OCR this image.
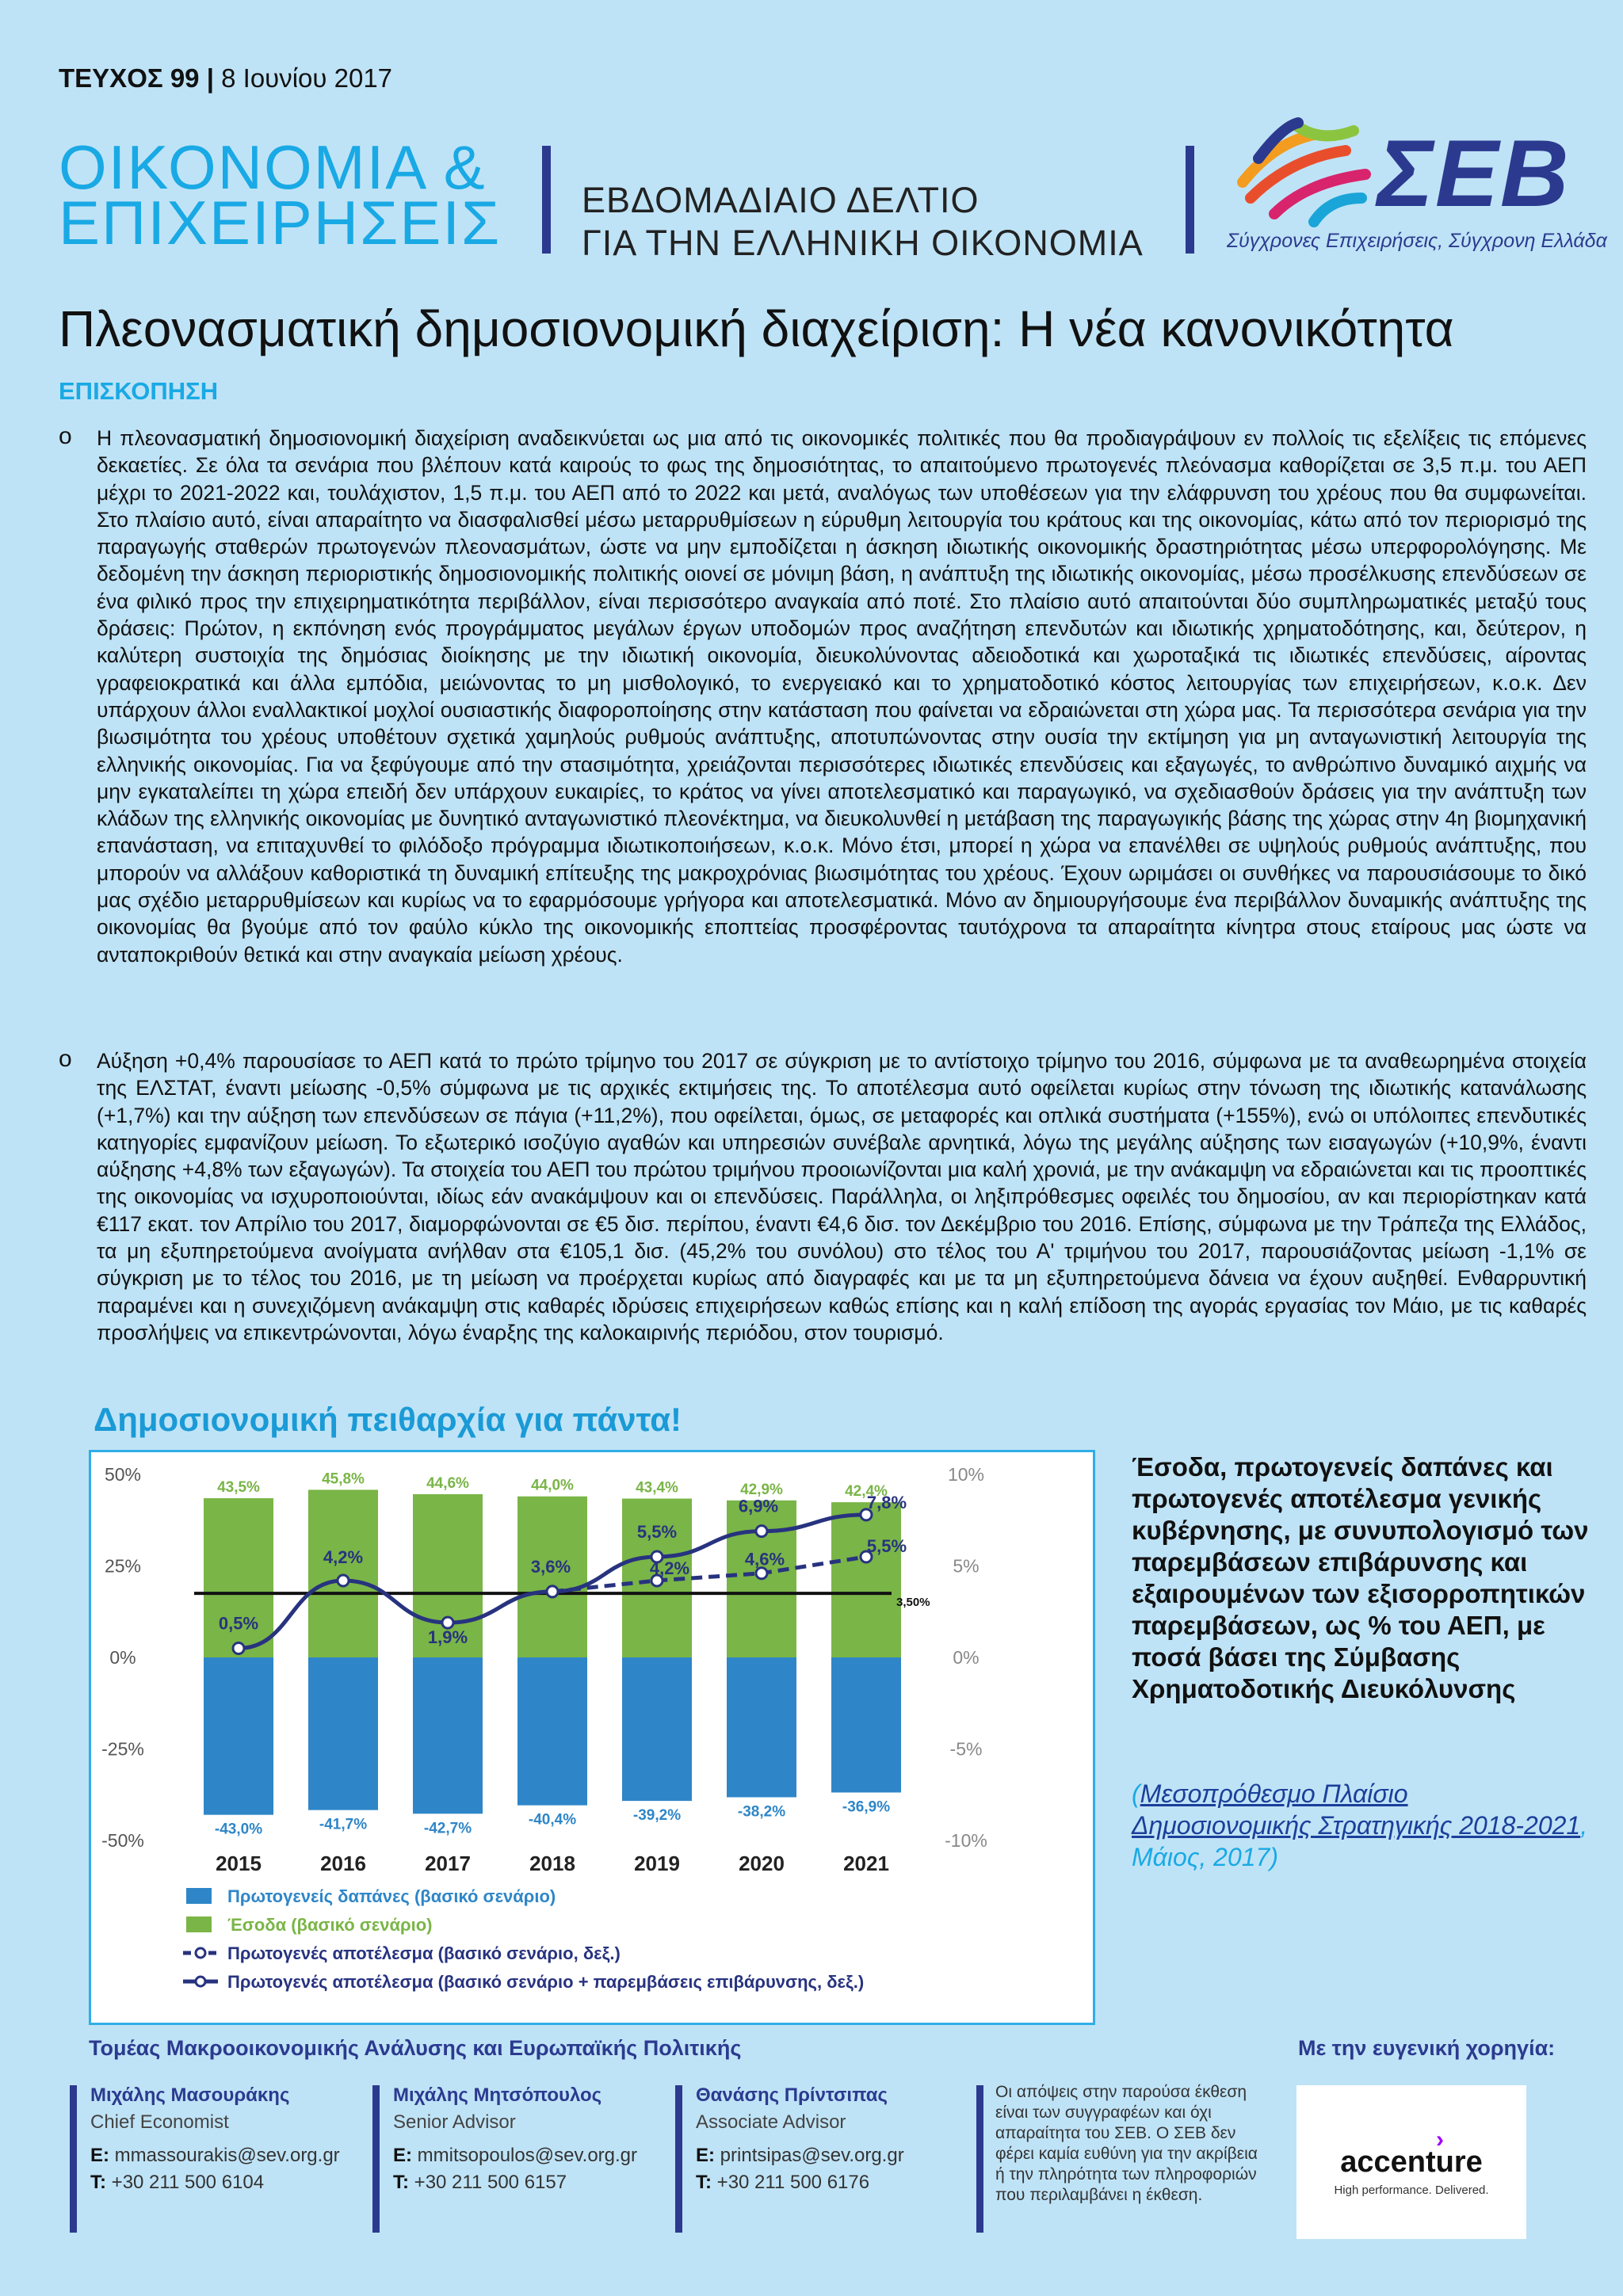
ΤΕΥΧΟΣ 99 | 8 Ιουνίου 2017
ΟΙΚΟΝΟΜΙΑ &
ΕΠΙΧΕΙΡΗΣΕΙΣ ΕΒΔΟΜΑΔΙΑΙΟ ΔΕΛΤΙΟ
ΓΙΑ ΤΗΝ ΕΛΛΗΝΙΚΗ ΟΙΚΟΝΟΜΙΑ
ΣΕΒ
Σύγχρονες Επιχειρήσεις, Σύγχρονη Ελλάδα
Πλεονασματική δημοσιονομική διαχείριση: Η νέα κανονικότητα
ΕΠΙΣΚΟΠΗΣΗ
o Η πλεονασματική δημοσιονομική διαχείριση αναδεικνύεται ως μια από τις οικονομικές πολιτικές που θα προδιαγράψουν εν πολλοίς τις εξελίξεις τις επόμενες δεκαετίες. Σε όλα τα σενάρια που βλέπουν κατά καιρούς το φως της δημοσιότητας, το απαιτούμενο πρωτογενές πλεόνασμα καθορίζεται σε 3,5 π.μ. του ΑΕΠ μέχρι το 2021-2022 και, τουλάχιστον, 1,5 π.μ. του ΑΕΠ από το 2022 και μετά, αναλόγως των υποθέσεων για την ελάφρυνση του χρέους που θα συμφωνείται. Στο πλαίσιο αυτό, είναι απαραίτητο να διασφαλισθεί μέσω μεταρρυθμίσεων η εύρυθμη λειτουργία του κράτους και της οικονομίας, κάτω από τον περιορισμό της παραγωγής σταθερών πρωτογενών πλεονασμάτων, ώστε να μην εμποδίζεται η άσκηση ιδιωτικής οικονομικής δραστηριότητας μέσω υπερφορολόγησης. Με δεδομένη την άσκηση περιοριστικής δημοσιονομικής πολιτικής οιονεί σε μόνιμη βάση, η ανάπτυξη της ιδιωτικής οικονομίας, μέσω προσέλκυσης επενδύσεων σε ένα φιλικό προς την επιχειρηματικότητα περιβάλλον, είναι περισσότερο αναγκαία από ποτέ. Στο πλαίσιο αυτό απαιτούνται δύο συμπληρωματικές μεταξύ τους δράσεις: Πρώτον, η εκπόνηση ενός προγράμματος μεγάλων έργων υποδομών προς αναζήτηση επενδυτών και ιδιωτικής χρηματοδότησης, και, δεύτερον, η καλύτερη συστοιχία της δημόσιας διοίκησης με την ιδιωτική οικονομία, διευκολύνοντας αδειοδοτικά και χωροταξικά τις ιδιωτικές επενδύσεις, αίροντας γραφειοκρατικά και άλλα εμπόδια, μειώνοντας το μη μισθολογικό, το ενεργειακό και το χρηματοδοτικό κόστος λειτουργίας των επιχειρήσεων, κ.ο.κ. Δεν υπάρχουν άλλοι εναλλακτικοί μοχλοί ουσιαστικής διαφοροποίησης στην κατάσταση που φαίνεται να εδραιώνεται στη χώρα μας. Τα περισσότερα σενάρια για την βιωσιμότητα του χρέους υποθέτουν σχετικά χαμηλούς ρυθμούς ανάπτυξης, αποτυπώνοντας στην ουσία την εκτίμηση για μη ανταγωνιστική λειτουργία της ελληνικής οικονομίας. Για να ξεφύγουμε από την στασιμότητα, χρειάζονται περισσότερες ιδιωτικές επενδύσεις και εξαγωγές, το ανθρώπινο δυναμικό αιχμής να μην εγκαταλείπει τη χώρα επειδή δεν υπάρχουν ευκαιρίες, το κράτος να γίνει αποτελεσματικό και παραγωγικό, να σχεδιασθούν δράσεις για την ανάπτυξη των κλάδων της ελληνικής οικονομίας με δυνητικό ανταγωνιστικό πλεονέκτημα, να διευκολυνθεί η μετάβαση της παραγωγικής βάσης της χώρας στην 4η βιομηχανική επανάσταση, να επιταχυνθεί το φιλόδοξο πρόγραμμα ιδιωτικοποιήσεων, κ.ο.κ. Μόνο έτσι, μπορεί η χώρα να επανέλθει σε υψηλούς ρυθμούς ανάπτυξης, που μπορούν να αλλάξουν καθοριστικά τη δυναμική επίτευξης της μακροχρόνιας βιωσιμότητας του χρέους. Έχουν ωριμάσει οι συνθήκες να παρουσιάσουμε το δικό μας σχέδιο μεταρρυθμίσεων και κυρίως να το εφαρμόσουμε γρήγορα και αποτελεσματικά. Μόνο αν δημιουργήσουμε ένα περιβάλλον δυναμικής ανάπτυξης της οικονομίας θα βγούμε από τον φαύλο κύκλο της οικονομικής εποπτείας προσφέροντας ταυτόχρονα τα απαραίτητα κίνητρα στους εταίρους μας ώστε να ανταποκριθούν θετικά και στην αναγκαία μείωση χρέους.
o Αύξηση +0,4% παρουσίασε το ΑΕΠ κατά το πρώτο τρίμηνο του 2017 σε σύγκριση με το αντίστοιχο τρίμηνο του 2016, σύμφωνα με τα αναθεωρημένα στοιχεία της ΕΛΣΤΑΤ, έναντι μείωσης -0,5% σύμφωνα με τις αρχικές εκτιμήσεις της. Το αποτέλεσμα αυτό οφείλεται κυρίως στην τόνωση της ιδιωτικής κατανάλωσης (+1,7%) και την αύξηση των επενδύσεων σε πάγια (+11,2%), που οφείλεται, όμως, σε μεταφορές και οπλικά συστήματα (+155%), ενώ οι υπόλοιπες επενδυτικές κατηγορίες εμφανίζουν μείωση. Το εξωτερικό ισοζύγιο αγαθών και υπηρεσιών συνέβαλε αρνητικά, λόγω της μεγάλης αύξησης των εισαγωγών (+10,9%, έναντι αύξησης +4,8% των εξαγωγών). Τα στοιχεία του ΑΕΠ του πρώτου τριμήνου προοιωνίζονται μια καλή χρονιά, με την ανάκαμψη να εδραιώνεται και τις προοπτικές της οικονομίας να ισχυροποιούνται, ιδίως εάν ανακάμψουν και οι επενδύσεις. Παράλληλα, οι ληξιπρόθεσμες οφειλές του δημοσίου, αν και περιορίστηκαν κατά €117 εκατ. τον Απρίλιο του 2017, διαμορφώνονται σε €5 δισ. περίπου, έναντι €4,6 δισ. τον Δεκέμβριο του 2016. Επίσης, σύμφωνα με την Τράπεζα της Ελλάδος, τα μη εξυπηρετούμενα ανοίγματα ανήλθαν στα €105,1 δισ. (45,2% του συνόλου) στο τέλος του Α' τριμήνου του 2017, παρουσιάζοντας μείωση -1,1% σε σύγκριση με το τέλος του 2016, με τη μείωση να προέρχεται κυρίως από διαγραφές και με τα μη εξυπηρετούμενα δάνεια να έχουν αυξηθεί. Ενθαρρυντική παραμένει και η συνεχιζόμενη ανάκαμψη στις καθαρές ιδρύσεις επιχειρήσεων καθώς επίσης και η καλή επίδοση της αγοράς εργασίας τον Μάιο, με τις καθαρές προσλήψεις να επικεντρώνονται, λόγω έναρξης της καλοκαιρινής περιόδου, στον τουρισμό.
Δημοσιονομική πειθαρχία για πάντα!
50%
25%
0%
-25%
-50%
10%
5%
0%
-5%
-10%
43,5%
-43,0%
2015
45,8%
-41,7%
2016
44,6%
-42,7%
2017
44,0%
-40,4%
2018
43,4%
-39,2%
2019
42,9%
-38,2%
2020
42,4%
-36,9%
2021
3,50%
0,5%
4,2%
1,9%
3,6%
5,5%
6,9%	7,8%
4,2%	4,6%
5,5%
Πρωτογενείς δαπάνες (βασικό σενάριο)
Έσοδα (βασικό σενάριο)
Πρωτογενές αποτέλεσμα (βασικό σενάριο, δεξ.)
Πρωτογενές αποτέλεσμα (βασικό σενάριο + παρεμβάσεις επιβάρυνσης, δεξ.)
Έσοδα, πρωτογενείς δαπάνες και πρωτογενές αποτέλεσμα γενικής κυβέρνησης, με συνυπολογισμό των παρεμβάσεων επιβάρυνσης και εξαιρουμένων των εξισορροπητικών παρεμβάσεων, ως % του ΑΕΠ, με ποσά βάσει της Σύμβασης Χρηματοδοτικής Διευκόλυνσης
(Μεσοπρόθεσμο Πλαίσιο Δημοσιονομικής Στρατηγικής 2018-2021, Μάιος, 2017)
Τομέας Μακροοικονομικής Ανάλυσης και Ευρωπαϊκής Πολιτικής	Με την ευγενική χορηγία:
Μιχάλης Μασουράκης
Chief Economist
E: mmassourakis@sev.org.gr
T: +30 211 500 6104
Μιχάλης Μητσόπουλος
Senior Advisor
E: mmitsopoulos@sev.org.gr
T: +30 211 500 6157
Θανάσης Πρίντσιπας
Associate Advisor
E: printsipas@sev.org.gr
T: +30 211 500 6176
Οι απόψεις στην παρούσα έκθεση είναι των συγγραφέων και όχι απαραίτητα του ΣΕΒ. Ο ΣΕΒ δεν φέρει καμία ευθύνη για την ακρίβεια ή την πληρότητα των πληροφοριών που περιλαμβάνει η έκθεση.
›
accenture
High performance. Delivered.
